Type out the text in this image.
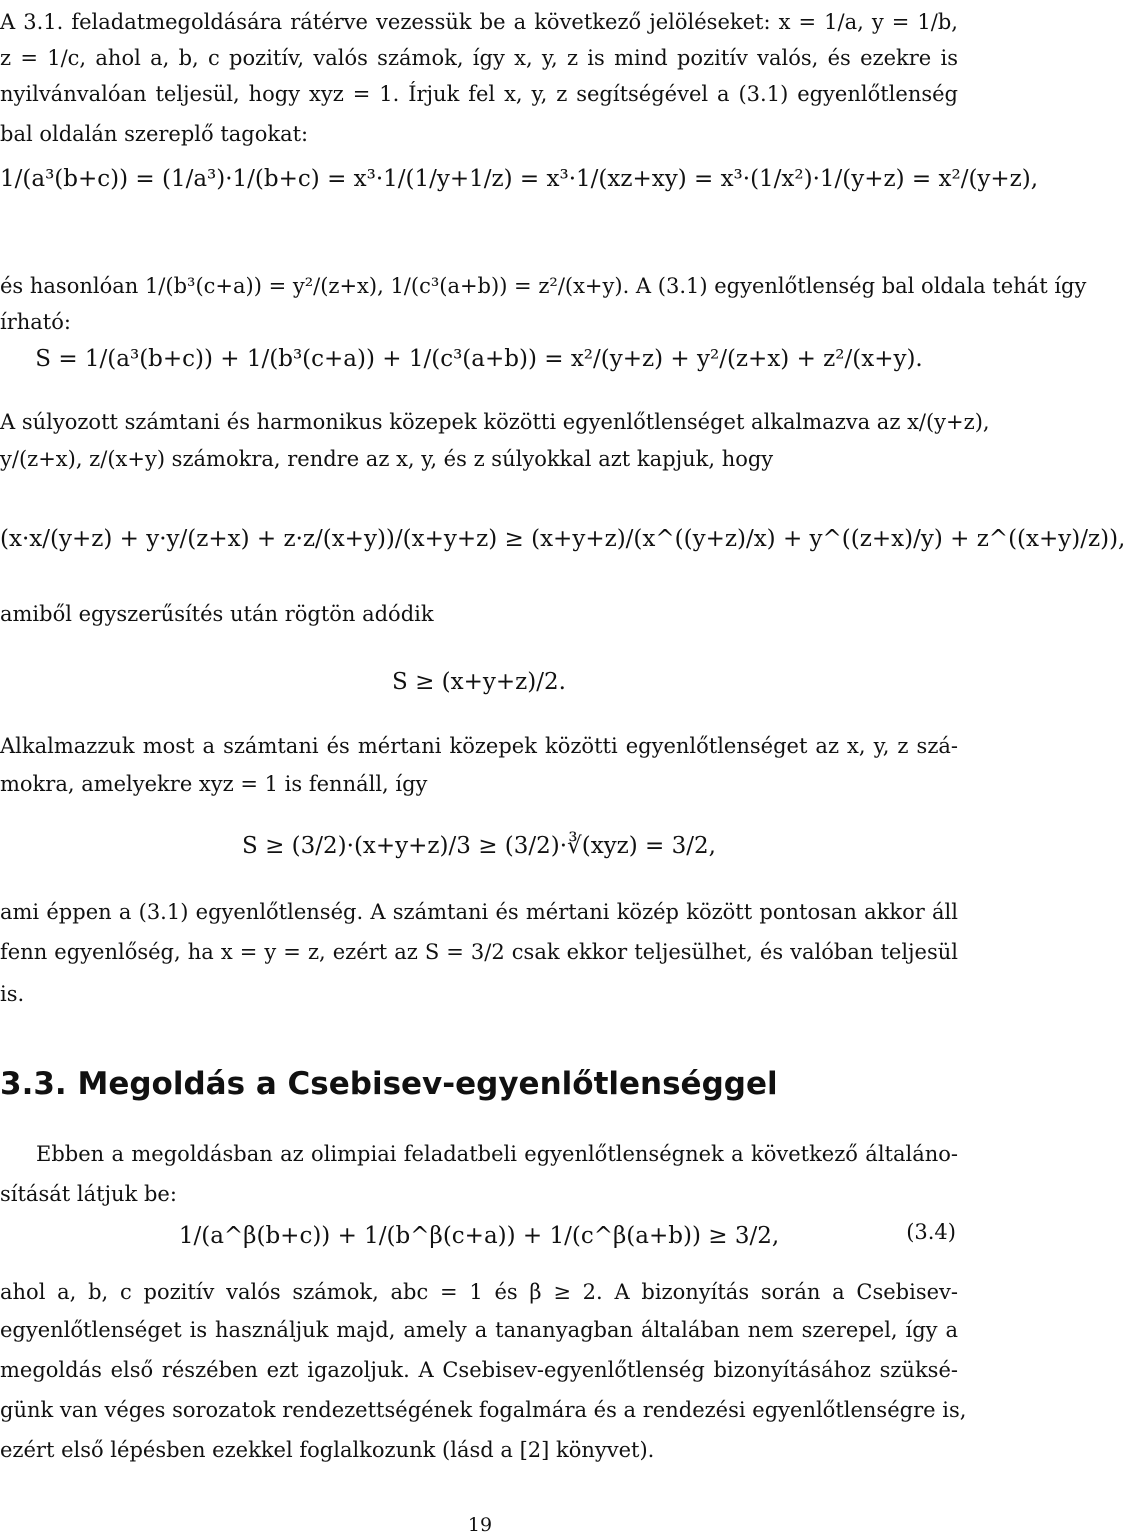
A 3.1. feladatmegoldására rátérve vezessük be a következő jelöléseket: x = 1/a, y = 1/b,
z = 1/c, ahol a, b, c pozitív, valós számok, így x, y, z is mind pozitív valós, és ezekre is
nyilvánvalóan teljesül, hogy xyz = 1. Írjuk fel x, y, z segítségével a (3.1) egyenlőtlenség
bal oldalán szereplő tagokat:
1/(a³(b+c)) = (1/a³)·1/(b+c) = x³·1/(1/y+1/z) = x³·1/(xz+xy) = x³·(1/x²)·1/(y+z) = x²/(y+z),
és hasonlóan 1/(b³(c+a)) = y²/(z+x), 1/(c³(a+b)) = z²/(x+y). A (3.1) egyenlőtlenség bal oldala tehát így
írható:
S = 1/(a³(b+c)) + 1/(b³(c+a)) + 1/(c³(a+b)) = x²/(y+z) + y²/(z+x) + z²/(x+y).
A súlyozott számtani és harmonikus közepek közötti egyenlőtlenséget alkalmazva az x/(y+z),
y/(z+x), z/(x+y) számokra, rendre az x, y, és z súlyokkal azt kapjuk, hogy
(x·x/(y+z) + y·y/(z+x) + z·z/(x+y))/(x+y+z) ≥ (x+y+z)/(x^((y+z)/x) + y^((z+x)/y) + z^((x+y)/z)),
amiből egyszerűsítés után rögtön adódik
S ≥ (x+y+z)/2.
Alkalmazzuk most a számtani és mértani közepek közötti egyenlőtlenséget az x, y, z szá-
mokra, amelyekre xyz = 1 is fennáll, így
S ≥ (3/2)·(x+y+z)/3 ≥ (3/2)·∛(xyz) = 3/2,
ami éppen a (3.1) egyenlőtlenség. A számtani és mértani közép között pontosan akkor áll
fenn egyenlőség, ha x = y = z, ezért az S = 3/2 csak ekkor teljesülhet, és valóban teljesül
is.
3.3. Megoldás a Csebisev-egyenlőtlenséggel
Ebben a megoldásban az olimpiai feladatbeli egyenlőtlenségnek a következő általáno-
sítását látjuk be:
1/(a^β(b+c)) + 1/(b^β(c+a)) + 1/(c^β(a+b)) ≥ 3/2,	(3.4)
ahol a, b, c pozitív valós számok, abc = 1 és β ≥ 2. A bizonyítás során a Csebisev-
egyenlőtlenséget is használjuk majd, amely a tananyagban általában nem szerepel, így a
megoldás első részében ezt igazoljuk. A Csebisev-egyenlőtlenség bizonyításához szüksé-
günk van véges sorozatok rendezettségének fogalmára és a rendezési egyenlőtlenségre is,
ezért első lépésben ezekkel foglalkozunk (lásd a [2] könyvet).
19
